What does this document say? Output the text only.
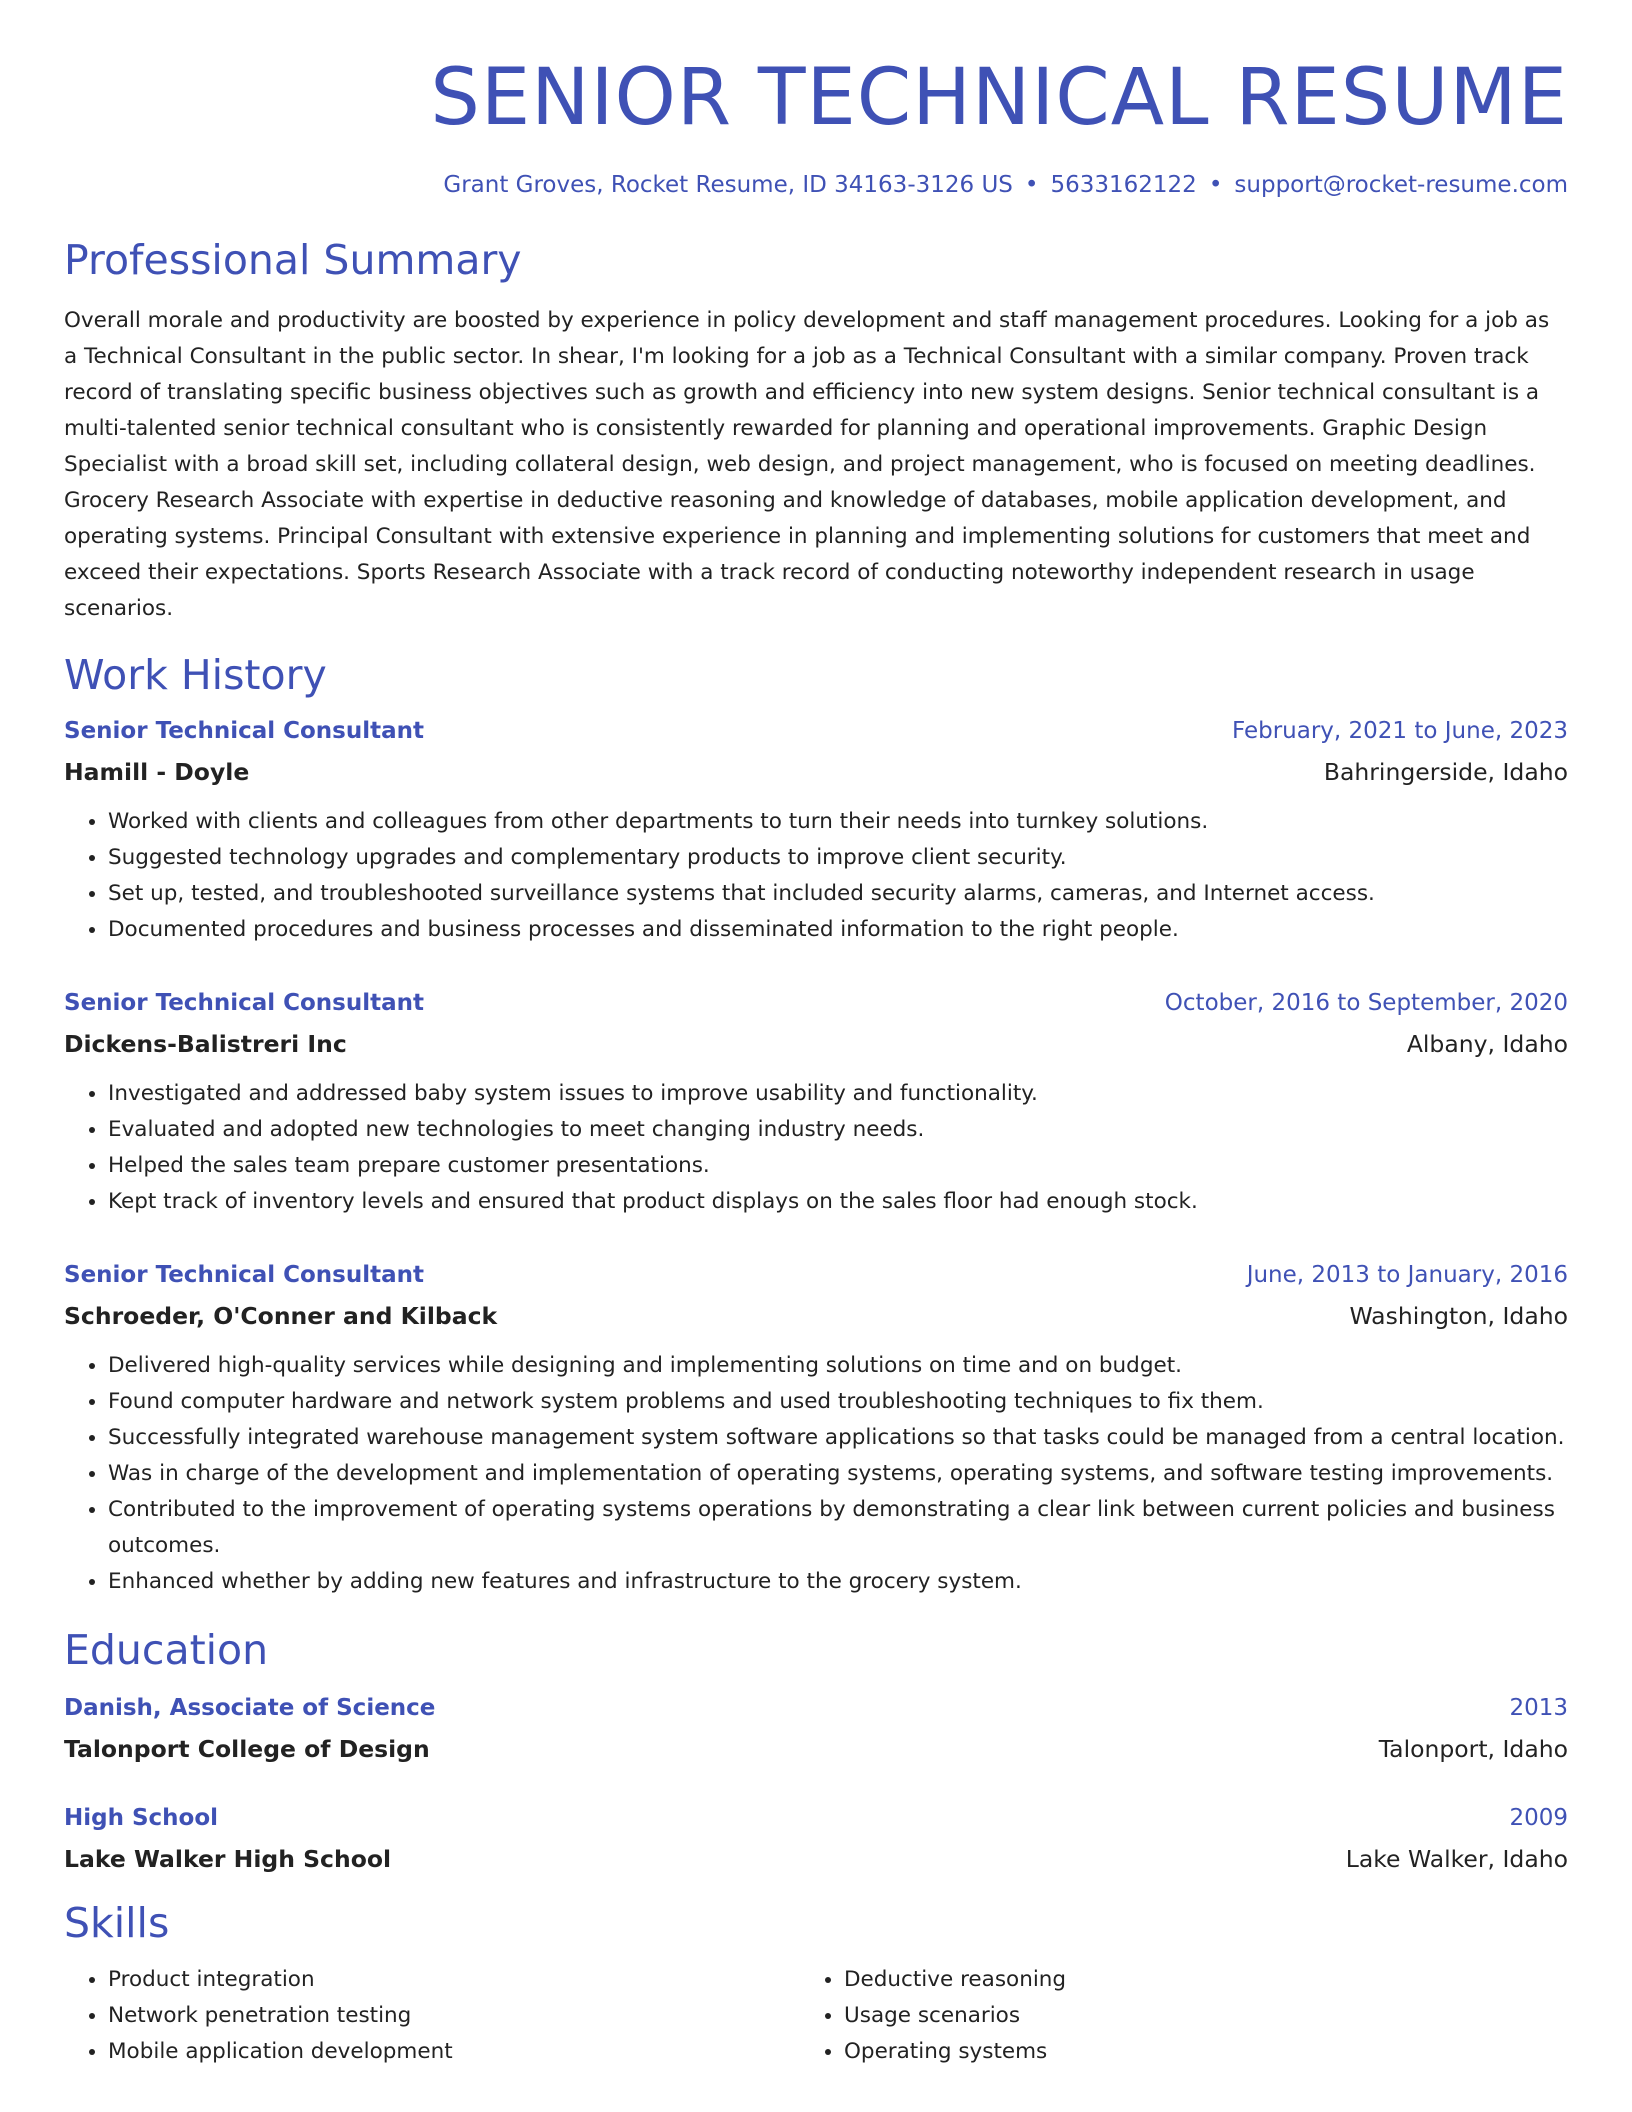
SENIOR TECHNICAL RESUME
Grant Groves, Rocket Resume, ID 34163-3126 US • 5633162122 • support@rocket-resume.com
Professional Summary
Overall morale and productivity are boosted by experience in policy development and staff management procedures. Looking for a job as a Technical Consultant in the public sector. In shear, I'm looking for a job as a Technical Consultant with a similar company. Proven track record of translating specific business objectives such as growth and efficiency into new system designs. Senior technical consultant is a multi-talented senior technical consultant who is consistently rewarded for planning and operational improvements. Graphic Design Specialist with a broad skill set, including collateral design, web design, and project management, who is focused on meeting deadlines. Grocery Research Associate with expertise in deductive reasoning and knowledge of databases, mobile application development, and operating systems. Principal Consultant with extensive experience in planning and implementing solutions for customers that meet and exceed their expectations. Sports Research Associate with a track record of conducting noteworthy independent research in usage scenarios.
Work History
Senior Technical Consultant	February, 2021 to June, 2023
Hamill - Doyle	Bahringerside, Idaho
• Worked with clients and colleagues from other departments to turn their needs into turnkey solutions.
• Suggested technology upgrades and complementary products to improve client security.
• Set up, tested, and troubleshooted surveillance systems that included security alarms, cameras, and Internet access.
• Documented procedures and business processes and disseminated information to the right people.
Senior Technical Consultant	October, 2016 to September, 2020
Dickens-Balistreri Inc	Albany, Idaho
• Investigated and addressed baby system issues to improve usability and functionality.
• Evaluated and adopted new technologies to meet changing industry needs.
• Helped the sales team prepare customer presentations.
• Kept track of inventory levels and ensured that product displays on the sales floor had enough stock.
Senior Technical Consultant	June, 2013 to January, 2016
Schroeder, O'Conner and Kilback	Washington, Idaho
• Delivered high-quality services while designing and implementing solutions on time and on budget.
• Found computer hardware and network system problems and used troubleshooting techniques to fix them.
• Successfully integrated warehouse management system software applications so that tasks could be managed from a central location.
• Was in charge of the development and implementation of operating systems, operating systems, and software testing improvements.
• Contributed to the improvement of operating systems operations by demonstrating a clear link between current policies and business outcomes.
• Enhanced whether by adding new features and infrastructure to the grocery system.
Education
Danish, Associate of Science	2013
Talonport College of Design	Talonport, Idaho
High School	2009
Lake Walker High School	Lake Walker, Idaho
Skills
• Product integration
• Network penetration testing
• Mobile application development
• Deductive reasoning
• Usage scenarios
• Operating systems
